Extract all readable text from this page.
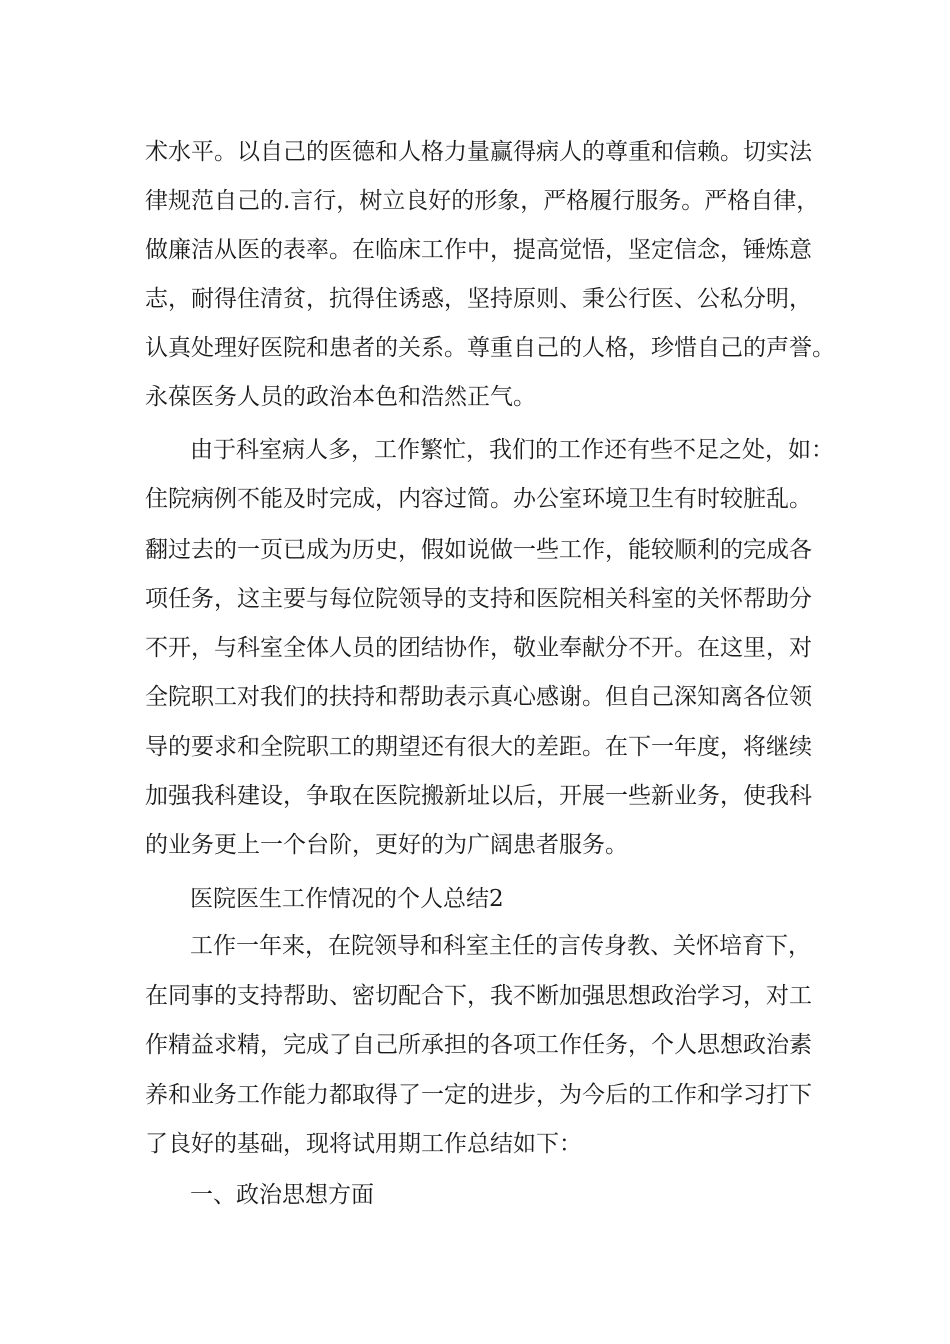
术水平。以自己的医德和人格力量赢得病人的尊重和信赖。切实法

律规范自己的.言行，树立良好的形象，严格履行服务。严格自律，

做廉洁从医的表率。在临床工作中，提高觉悟，坚定信念，锤炼意

志，耐得住清贫，抗得住诱惑，坚持原则、秉公行医、公私分明，

认真处理好医院和患者的关系。尊重自己的人格，珍惜自己的声誉。

永葆医务人员的政治本色和浩然正气。

由于科室病人多，工作繁忙，我们的工作还有些不足之处，如：

住院病例不能及时完成，内容过简。办公室环境卫生有时较脏乱。

翻过去的一页已成为历史，假如说做一些工作，能较顺利的完成各

项任务，这主要与每位院领导的支持和医院相关科室的关怀帮助分

不开，与科室全体人员的团结协作，敬业奉献分不开。在这里，对

全院职工对我们的扶持和帮助表示真心感谢。但自己深知离各位领

导的要求和全院职工的期望还有很大的差距。在下一年度，将继续

加强我科建设，争取在医院搬新址以后，开展一些新业务，使我科

的业务更上一个台阶，更好的为广阔患者服务。

医院医生工作情况的个人总结2

工作一年来，在院领导和科室主任的言传身教、关怀培育下，

在同事的支持帮助、密切配合下，我不断加强思想政治学习，对工

作精益求精，完成了自己所承担的各项工作任务，个人思想政治素

养和业务工作能力都取得了一定的进步，为今后的工作和学习打下

了良好的基础，现将试用期工作总结如下：

一、政治思想方面
